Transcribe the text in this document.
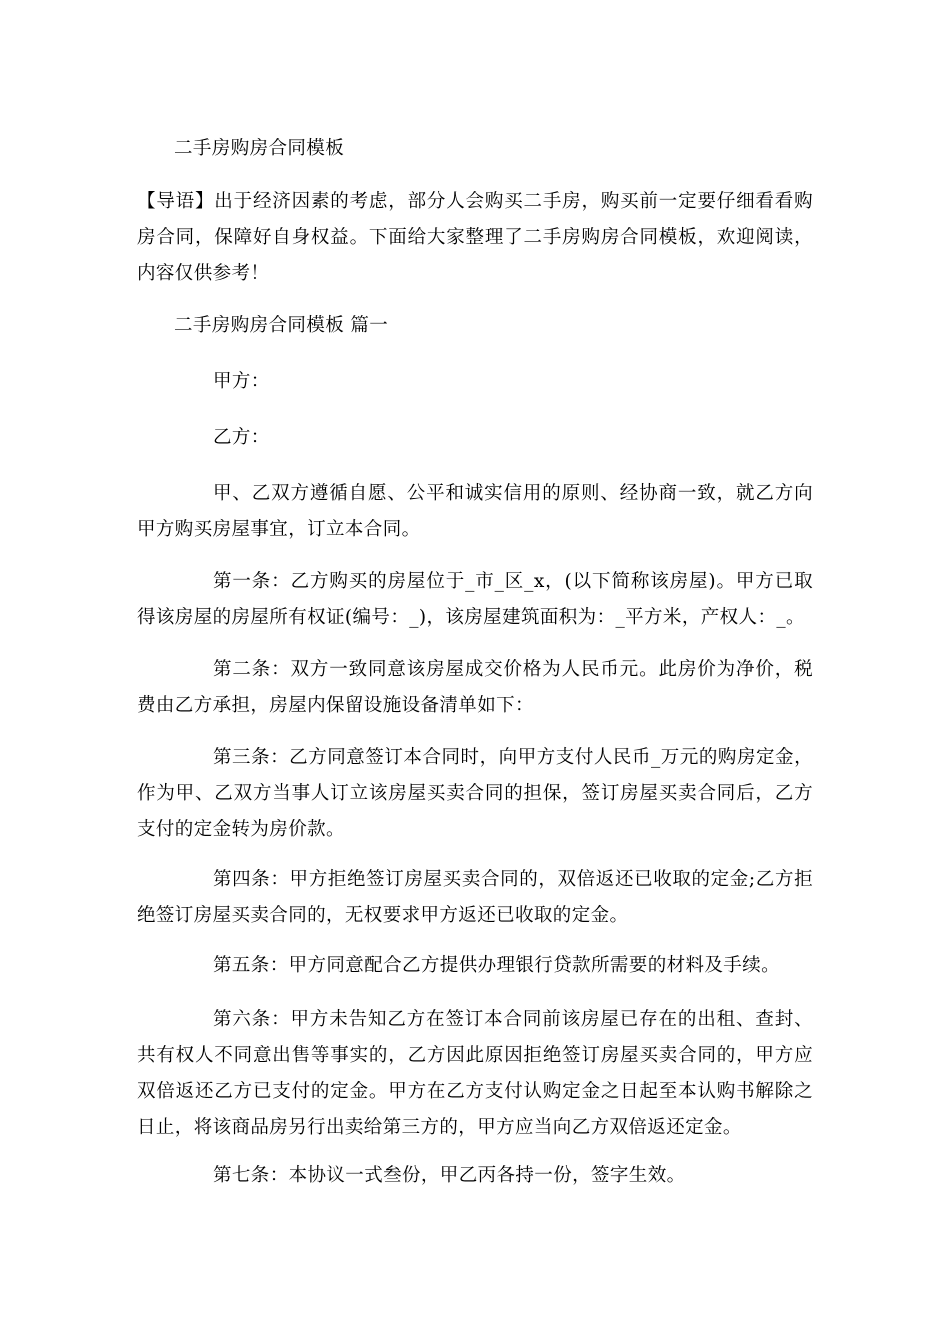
二手房购房合同模板

【导语】出于经济因素的考虑，部分人会购买二手房，购买前一定要仔细看看购房合同，保障好自身权益。下面给大家整理了二手房购房合同模板，欢迎阅读，内容仅供参考！

二手房购房合同模板 篇一

甲方：

乙方：

甲、乙双方遵循自愿、公平和诚实信用的原则、经协商一致，就乙方向甲方购买房屋事宜，订立本合同。

第一条：乙方购买的房屋位于_市_区_x，(以下简称该房屋)。甲方已取得该房屋的房屋所有权证(编号：_)，该房屋建筑面积为：_平方米，产权人：_。

第二条：双方一致同意该房屋成交价格为人民币元。此房价为净价，税费由乙方承担，房屋内保留设施设备清单如下：

第三条：乙方同意签订本合同时，向甲方支付人民币_万元的购房定金，作为甲、乙双方当事人订立该房屋买卖合同的担保，签订房屋买卖合同后，乙方支付的定金转为房价款。

第四条：甲方拒绝签订房屋买卖合同的，双倍返还已收取的定金;乙方拒绝签订房屋买卖合同的，无权要求甲方返还已收取的定金。

第五条：甲方同意配合乙方提供办理银行贷款所需要的材料及手续。

第六条：甲方未告知乙方在签订本合同前该房屋已存在的出租、查封、共有权人不同意出售等事实的，乙方因此原因拒绝签订房屋买卖合同的，甲方应双倍返还乙方已支付的定金。甲方在乙方支付认购定金之日起至本认购书解除之日止，将该商品房另行出卖给第三方的，甲方应当向乙方双倍返还定金。

第七条：本协议一式叁份，甲乙丙各持一份，签字生效。
